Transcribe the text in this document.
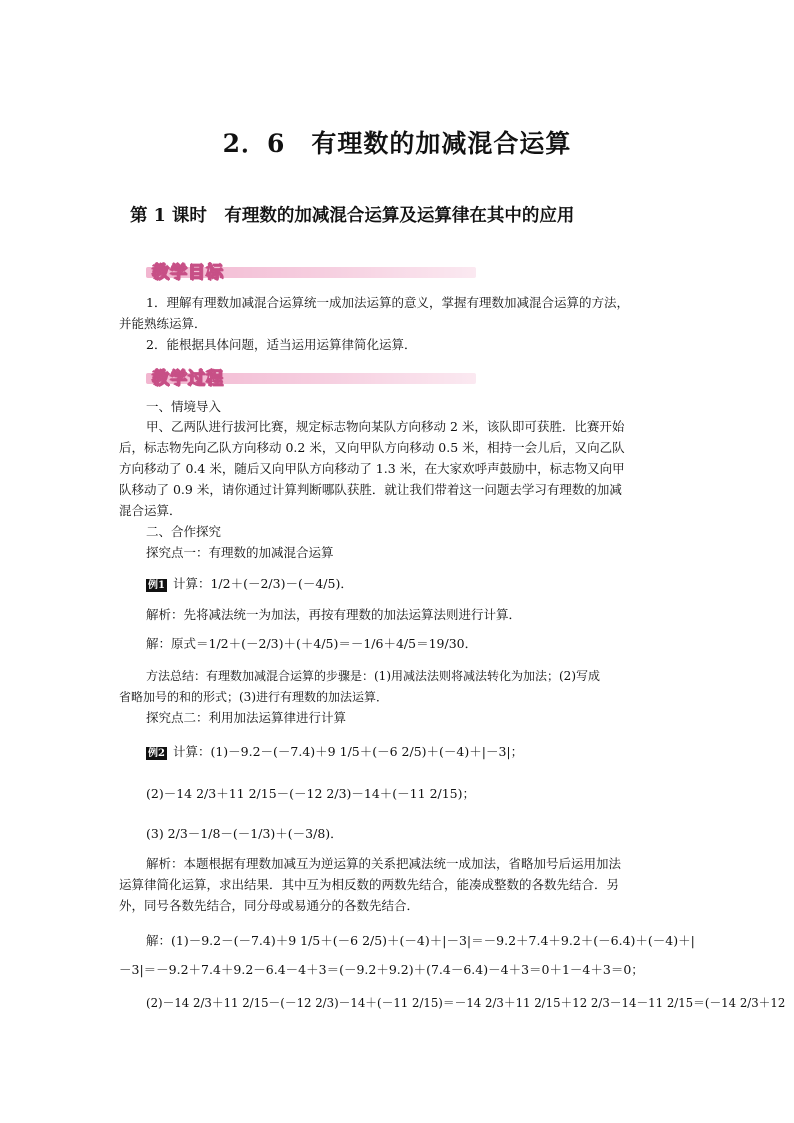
2．6　有理数的加减混合运算
第 1 课时　有理数的加减混合运算及运算律在其中的应用
教学目标
1．理解有理数加减混合运算统一成加法运算的意义，掌握有理数加减混合运算的方法，
并能熟练运算．
2．能根据具体问题，适当运用运算律简化运算．
教学过程
一、情境导入
甲、乙两队进行拔河比赛，规定标志物向某队方向移动 2 米，该队即可获胜．比赛开始
后，标志物先向乙队方向移动 0.2 米，又向甲队方向移动 0.5 米，相持一会儿后，又向乙队
方向移动了 0.4 米，随后又向甲队方向移动了 1.3 米，在大家欢呼声鼓励中，标志物又向甲
队移动了 0.9 米，请你通过计算判断哪队获胜．就让我们带着这一问题去学习有理数的加减
混合运算．
二、合作探究
探究点一：有理数的加减混合运算
例1 计算：1/2＋(－2/3)－(－4/5)．
解析：先将减法统一为加法，再按有理数的加法运算法则进行计算．
解：原式＝1/2＋(－2/3)＋(＋4/5)＝－1/6＋4/5＝19/30．
方法总结：有理数加减混合运算的步骤是：(1)用减法法则将减法转化为加法；(2)写成
省略加号的和的形式；(3)进行有理数的加法运算．
探究点二：利用加法运算律进行计算
例2 计算：(1)－9.2－(－7.4)＋9 1/5＋(－6 2/5)＋(－4)＋|－3|；
(2)－14 2/3＋11 2/15－(－12 2/3)－14＋(－11 2/15)；
(3) 2/3－1/8－(－1/3)＋(－3/8)．
解析：本题根据有理数加减互为逆运算的关系把减法统一成加法，省略加号后运用加法
运算律简化运算，求出结果．其中互为相反数的两数先结合，能凑成整数的各数先结合．另
外，同号各数先结合，同分母或易通分的各数先结合．
解：(1)－9.2－(－7.4)＋9 1/5＋(－6 2/5)＋(－4)＋|－3|＝－9.2＋7.4＋9.2＋(－6.4)＋(－4)＋|
－3|＝－9.2＋7.4＋9.2－6.4－4＋3＝(－9.2＋9.2)＋(7.4－6.4)－4＋3＝0＋1－4＋3＝0；
(2)－14 2/3＋11 2/15－(－12 2/3)－14＋(－11 2/15)＝－14 2/3＋11 2/15＋12 2/3－14－11 2/15＝(－14 2/3＋12
